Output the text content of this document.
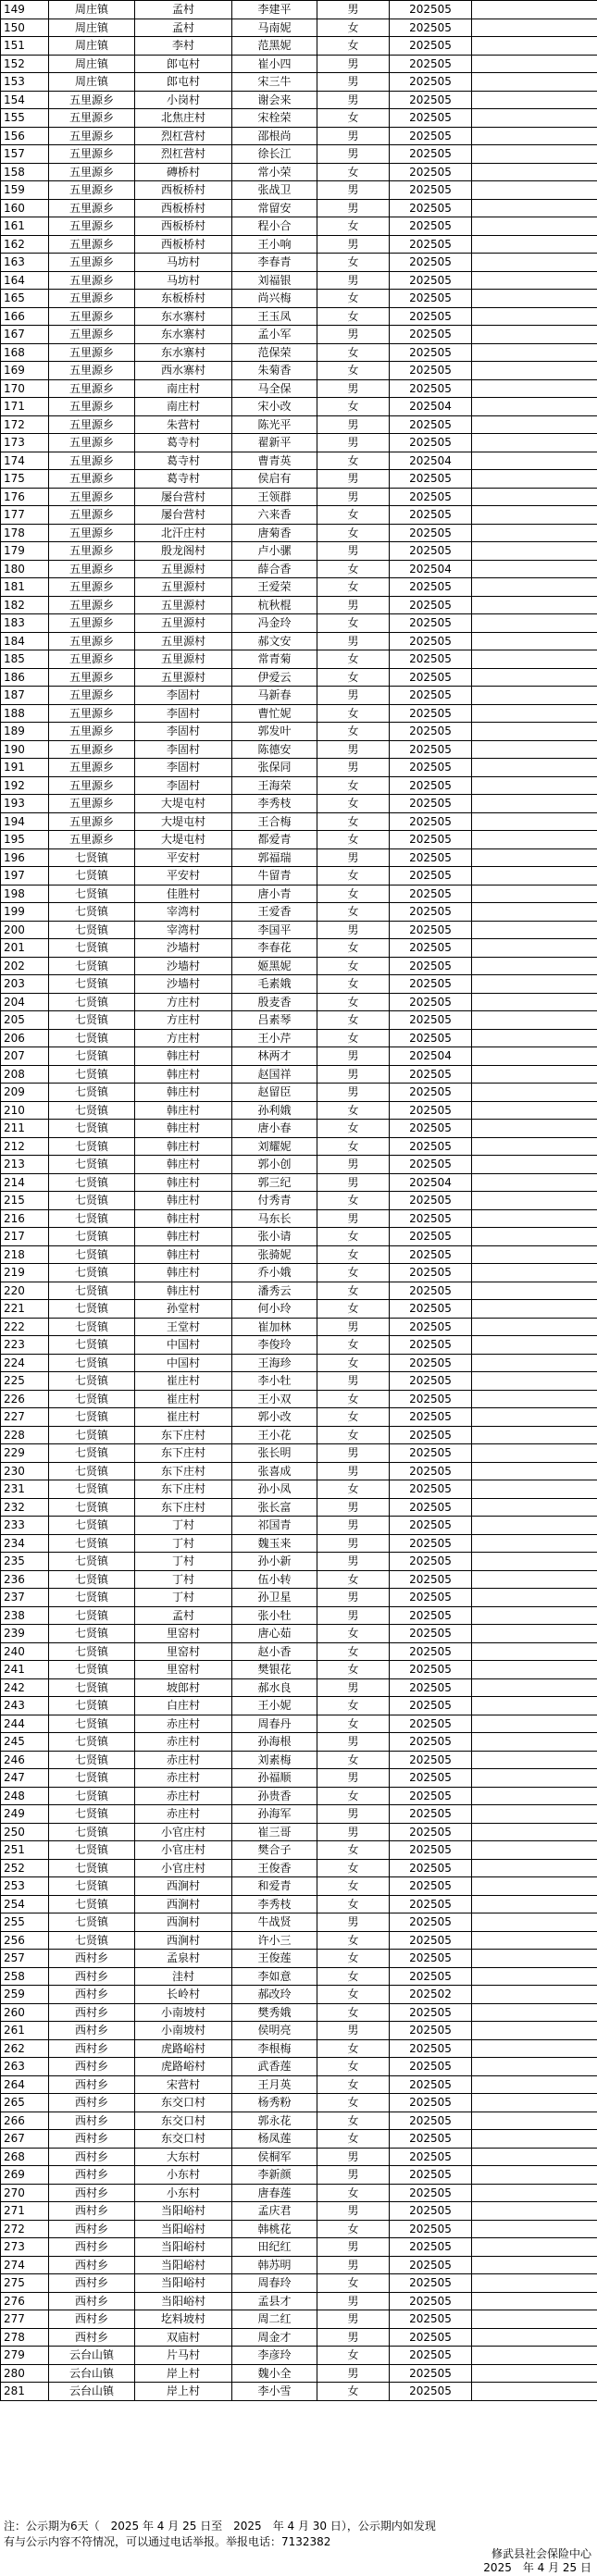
149	周庄镇	孟村	李建平	男	202505	
150	周庄镇	孟村	马南妮	女	202505	
151	周庄镇	李村	范黑妮	女	202505	
152	周庄镇	郎屯村	崔小四	男	202505	
153	周庄镇	郎屯村	宋三牛	男	202505	
154	五里源乡	小岗村	谢会来	男	202505	
155	五里源乡	北焦庄村	宋栓荣	女	202505	
156	五里源乡	烈杠营村	邵根尚	男	202505	
157	五里源乡	烈杠营村	徐长江	男	202505	
158	五里源乡	磚桥村	常小荣	女	202505	
159	五里源乡	西板桥村	张战卫	男	202505	
160	五里源乡	西板桥村	常留安	男	202505	
161	五里源乡	西板桥村	程小合	女	202505	
162	五里源乡	西板桥村	王小响	男	202505	
163	五里源乡	马坊村	李春青	女	202505	
164	五里源乡	马坊村	刘福银	男	202505	
165	五里源乡	东板桥村	尚兴梅	女	202505	
166	五里源乡	东水寨村	王玉凤	女	202505	
167	五里源乡	东水寨村	孟小军	男	202505	
168	五里源乡	东水寨村	范保荣	女	202505	
169	五里源乡	西水寨村	朱菊香	女	202505	
170	五里源乡	南庄村	马全保	男	202505	
171	五里源乡	南庄村	宋小改	女	202504	
172	五里源乡	朱营村	陈光平	男	202505	
173	五里源乡	葛寺村	翟新平	男	202505	
174	五里源乡	葛寺村	曹青英	女	202504	
175	五里源乡	葛寺村	侯启有	男	202505	
176	五里源乡	屡台营村	王领群	男	202505	
177	五里源乡	屡台营村	六来香	女	202505	
178	五里源乡	北汗庄村	唐菊香	女	202505	
179	五里源乡	殷龙阁村	卢小骡	男	202505	
180	五里源乡	五里源村	薛合香	女	202504	
181	五里源乡	五里源村	王爱荣	女	202505	
182	五里源乡	五里源村	杭秋棍	男	202505	
183	五里源乡	五里源村	冯金玲	女	202505	
184	五里源乡	五里源村	郝文安	男	202505	
185	五里源乡	五里源村	常青菊	女	202505	
186	五里源乡	五里源村	伊爱云	女	202505	
187	五里源乡	李固村	马新春	男	202505	
188	五里源乡	李固村	曹忙妮	女	202505	
189	五里源乡	李固村	郭发叶	女	202505	
190	五里源乡	李固村	陈德安	男	202505	
191	五里源乡	李固村	张保同	男	202505	
192	五里源乡	李固村	王海荣	女	202505	
193	五里源乡	大堤屯村	李秀枝	女	202505	
194	五里源乡	大堤屯村	王合梅	女	202505	
195	五里源乡	大堤屯村	都爱青	女	202505	
196	七贤镇	平安村	郭福瑞	男	202505	
197	七贤镇	平安村	牛留青	女	202505	
198	七贤镇	佳胜村	唐小青	女	202505	
199	七贤镇	宰湾村	王爱香	女	202505	
200	七贤镇	宰湾村	李国平	男	202505	
201	七贤镇	沙墙村	李春花	女	202505	
202	七贤镇	沙墙村	姬黑妮	女	202505	
203	七贤镇	沙墙村	毛素娥	女	202505	
204	七贤镇	方庄村	殷麦香	女	202505	
205	七贤镇	方庄村	吕素琴	女	202505	
206	七贤镇	方庄村	王小芹	女	202505	
207	七贤镇	韩庄村	林两才	男	202504	
208	七贤镇	韩庄村	赵国祥	男	202505	
209	七贤镇	韩庄村	赵留臣	男	202505	
210	七贤镇	韩庄村	孙利娥	女	202505	
211	七贤镇	韩庄村	唐小春	女	202505	
212	七贤镇	韩庄村	刘耀妮	女	202505	
213	七贤镇	韩庄村	郭小创	男	202505	
214	七贤镇	韩庄村	郭三纪	男	202504	
215	七贤镇	韩庄村	付秀青	女	202505	
216	七贤镇	韩庄村	马东长	男	202505	
217	七贤镇	韩庄村	张小请	女	202505	
218	七贤镇	韩庄村	张骑妮	女	202505	
219	七贤镇	韩庄村	乔小娥	女	202505	
220	七贤镇	韩庄村	潘秀云	女	202505	
221	七贤镇	孙堂村	何小玲	女	202505	
222	七贤镇	王堂村	崔加林	男	202505	
223	七贤镇	中国村	李俊玲	女	202505	
224	七贤镇	中国村	王海珍	女	202505	
225	七贤镇	崔庄村	李小牡	男	202505	
226	七贤镇	崔庄村	王小双	女	202505	
227	七贤镇	崔庄村	郭小改	女	202505	
228	七贤镇	东下庄村	王小花	女	202505	
229	七贤镇	东下庄村	张长明	男	202505	
230	七贤镇	东下庄村	张喜成	男	202505	
231	七贤镇	东下庄村	孙小凤	女	202505	
232	七贤镇	东下庄村	张长富	男	202505	
233	七贤镇	丁村	祁国青	男	202505	
234	七贤镇	丁村	魏玉来	男	202505	
235	七贤镇	丁村	孙小新	男	202505	
236	七贤镇	丁村	伍小转	女	202505	
237	七贤镇	丁村	孙卫星	男	202505	
238	七贤镇	孟村	张小牡	男	202505	
239	七贤镇	里窑村	唐心茹	女	202505	
240	七贤镇	里窑村	赵小香	女	202505	
241	七贤镇	里窑村	樊银花	女	202505	
242	七贤镇	坡郎村	郝水良	男	202505	
243	七贤镇	白庄村	王小妮	女	202505	
244	七贤镇	赤庄村	周春丹	女	202505	
245	七贤镇	赤庄村	孙海根	男	202505	
246	七贤镇	赤庄村	刘素梅	女	202505	
247	七贤镇	赤庄村	孙福顺	男	202505	
248	七贤镇	赤庄村	孙贵香	女	202505	
249	七贤镇	赤庄村	孙海军	男	202505	
250	七贤镇	小官庄村	崔三哥	男	202505	
251	七贤镇	小官庄村	樊合子	女	202505	
252	七贤镇	小官庄村	王俊香	女	202505	
253	七贤镇	西涧村	和爱青	女	202505	
254	七贤镇	西涧村	李秀枝	女	202505	
255	七贤镇	西涧村	牛战贤	男	202505	
256	七贤镇	西涧村	许小三	女	202505	
257	西村乡	孟泉村	王俊莲	女	202505	
258	西村乡	洼村	李如意	女	202505	
259	西村乡	长岭村	郝改玲	女	202502	
260	西村乡	小南坡村	樊秀娥	女	202505	
261	西村乡	小南坡村	侯明亮	男	202505	
262	西村乡	虎路峪村	李根梅	女	202505	
263	西村乡	虎路峪村	武香莲	女	202505	
264	西村乡	宋营村	王月英	女	202505	
265	西村乡	东交口村	杨秀粉	女	202505	
266	西村乡	东交口村	郭永花	女	202505	
267	西村乡	东交口村	杨凤莲	女	202505	
268	西村乡	大东村	侯桐军	男	202505	
269	西村乡	小东村	李新颜	男	202505	
270	西村乡	小东村	唐春莲	女	202505	
271	西村乡	当阳峪村	孟庆君	男	202505	
272	西村乡	当阳峪村	韩桃花	女	202505	
273	西村乡	当阳峪村	田纪红	男	202505	
274	西村乡	当阳峪村	韩苏明	男	202505	
275	西村乡	当阳峪村	周春玲	女	202505	
276	西村乡	当阳峪村	孟县才	男	202505	
277	西村乡	圪料坡村	周二红	男	202505	
278	西村乡	双庙村	周金才	男	202505	
279	云台山镇	片马村	李彦玲	女	202505	
280	云台山镇	岸上村	魏小全	男	202505	
281	云台山镇	岸上村	李小雪	女	202505	
注：公示期为6天（　2025 年 4 月 25 日至　2025　年 4 月 30 日），公示期内如发现
有与公示内容不符情况，可以通过电话举报。举报电话：7132382
修武县社会保险中心
2025　年 4 月 25 日
